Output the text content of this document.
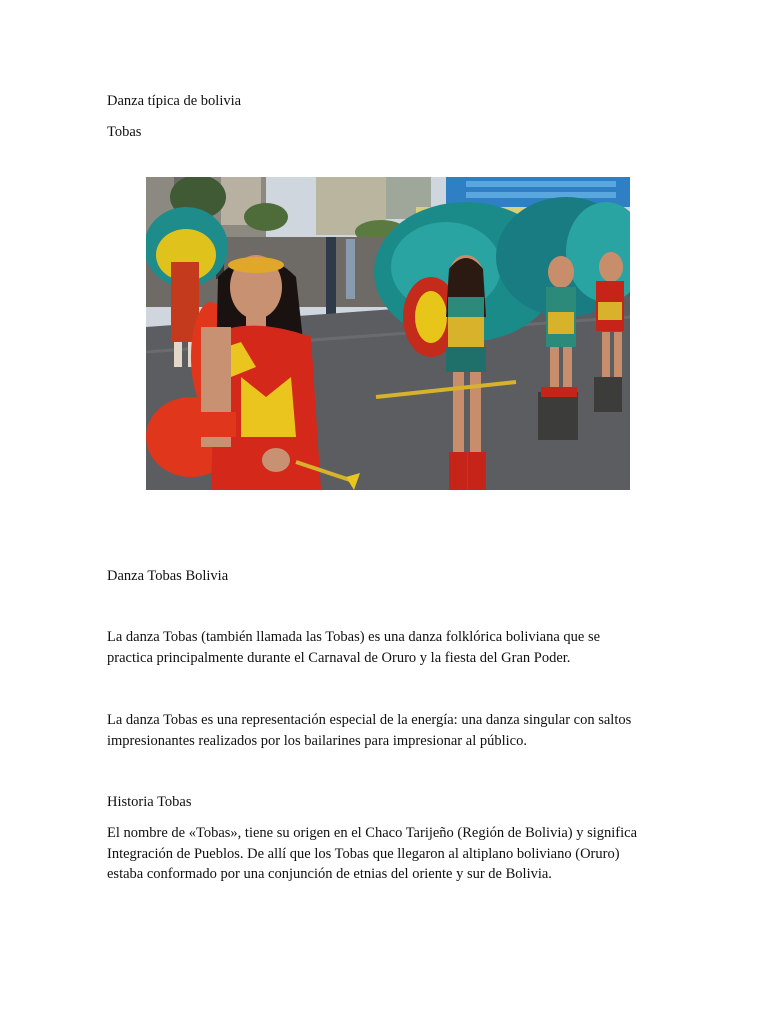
Danza típica de bolivia

Tobas

Danza Tobas Bolivia

La danza Tobas (también llamada las Tobas) es una danza folklórica boliviana que se

practica principalmente durante el Carnaval de Oruro y la fiesta del Gran Poder.

La danza Tobas es una representación especial de la energía: una danza singular con saltos

impresionantes realizados por los bailarines para impresionar al público.

Historia Tobas

El nombre de «Tobas», tiene su origen en el Chaco Tarijeño (Región de Bolivia) y significa

Integración de Pueblos. De allí que los Tobas que llegaron al altiplano boliviano (Oruro)

estaba conformado por una conjunción de etnias del oriente y sur de Bolivia.
